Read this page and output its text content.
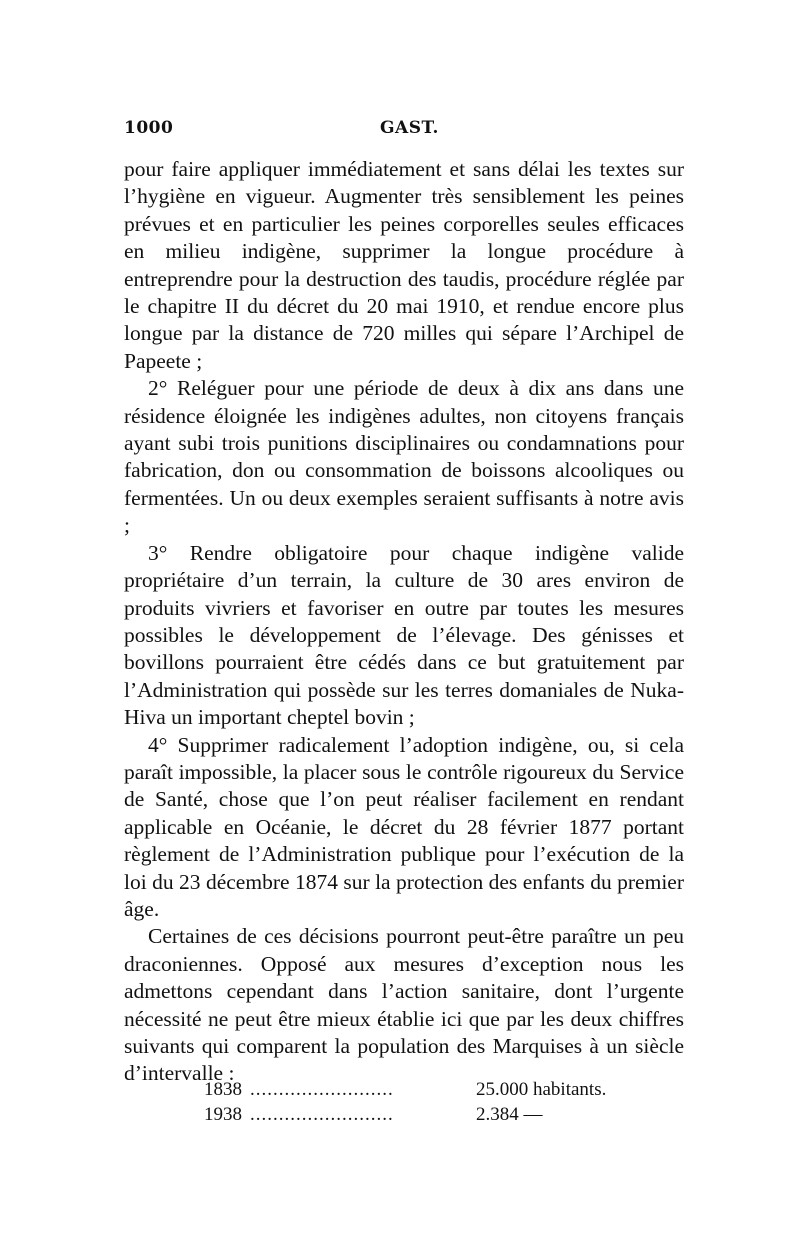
1000	GAST.

pour faire appliquer immédiatement et sans délai les textes sur l’hygiène en vigueur. Augmenter très sensiblement les peines prévues et en particulier les peines corporelles seules efficaces en milieu indigène, supprimer la longue procédure à entreprendre pour la destruction des taudis, procédure réglée par le chapitre II du décret du 20 mai 1910, et rendue encore plus longue par la distance de 720 milles qui sépare l’Archipel de Papeete ;

2° Reléguer pour une période de deux à dix ans dans une résidence éloignée les indigènes adultes, non citoyens français ayant subi trois punitions disciplinaires ou condamnations pour fabrication, don ou consommation de boissons alcooliques ou fermentées. Un ou deux exemples seraient suffisants à notre avis ;

3° Rendre obligatoire pour chaque indigène valide propriétaire d’un terrain, la culture de 30 ares environ de produits vivriers et favoriser en outre par toutes les mesures possibles le développement de l’élevage. Des génisses et bovillons pourraient être cédés dans ce but gratuitement par l’Administration qui possède sur les terres domaniales de Nuka-Hiva un important cheptel bovin ;

4° Supprimer radicalement l’adoption indigène, ou, si cela paraît impossible, la placer sous le contrôle rigoureux du Service de Santé, chose que l’on peut réaliser facilement en rendant applicable en Océanie, le décret du 28 février 1877 portant règlement de l’Administration publique pour l’exécution de la loi du 23 décembre 1874 sur la protection des enfants du premier âge.

Certaines de ces décisions pourront peut-être paraître un peu draconiennes. Opposé aux mesures d’exception nous les admettons cependant dans l’action sanitaire, dont l’urgente nécessité ne peut être mieux établie ici que par les deux chiffres suivants qui comparent la population des Marquises à un siècle d’intervalle :

1838 .........................	25.000 habitants.
1938 .........................	2.384 —
